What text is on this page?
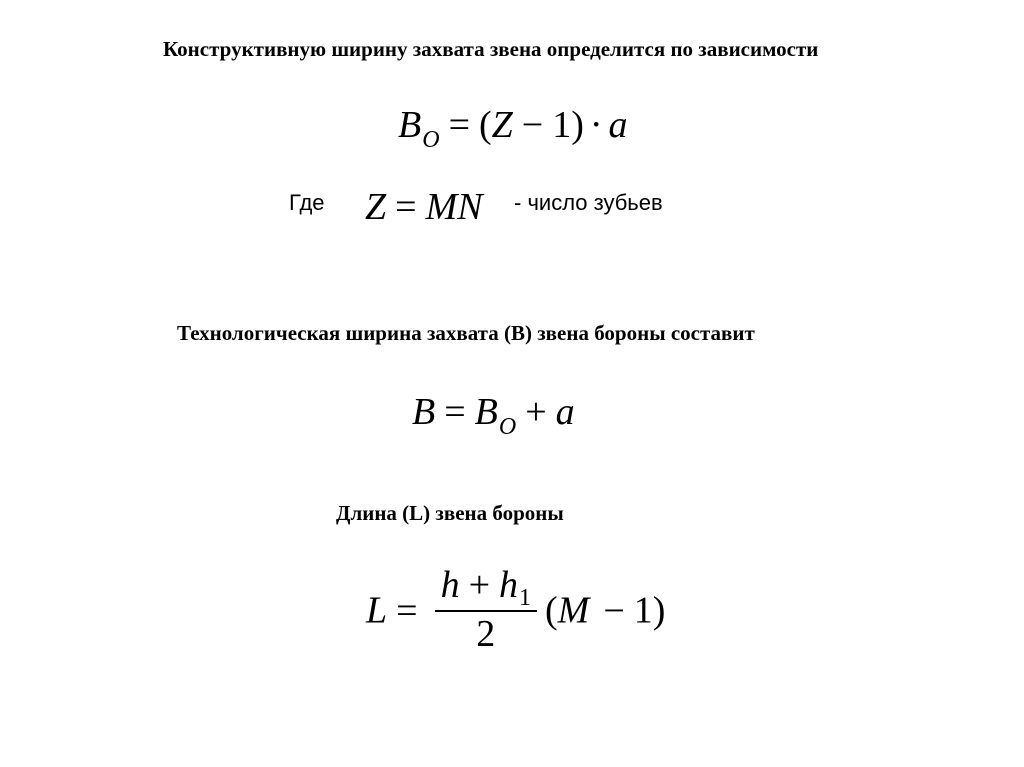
Конструктивную ширину захвата звена определится по зависимости
$B_O = (Z - 1) \cdot a$
Где Z = MN - число зубьев
Технологическая ширина захвата (B) звена бороны составит
$B = B_O + a$
Длина (L) звена бороны
$L = \frac{h + h_1}{2} (M - 1)$
